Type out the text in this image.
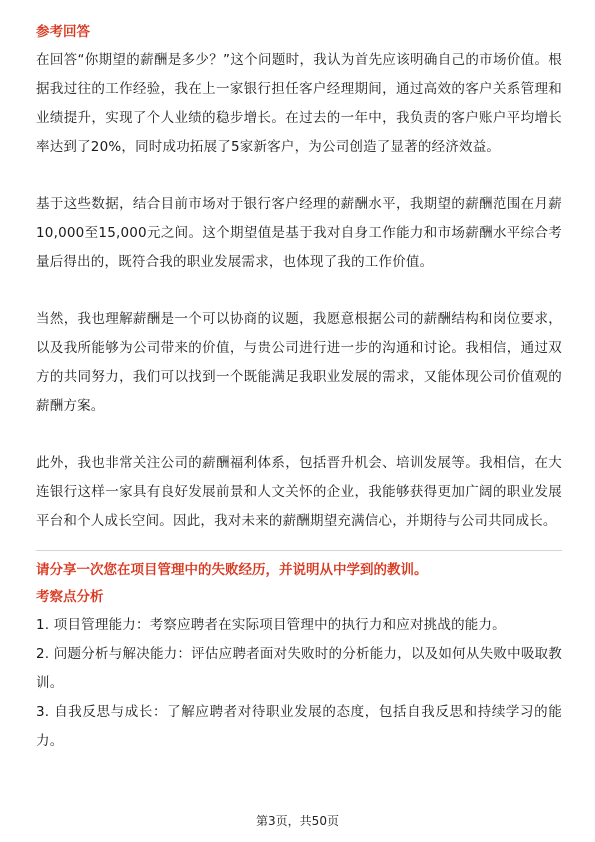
参考回答

在回答“你期望的薪酬是多少？”这个问题时，我认为首先应该明确自己的市场价值。根据我过往的工作经验，我在上一家银行担任客户经理期间，通过高效的客户关系管理和业绩提升，实现了个人业绩的稳步增长。在过去的一年中，我负责的客户账户平均增长率达到了20%，同时成功拓展了5家新客户，为公司创造了显著的经济效益。

基于这些数据，结合目前市场对于银行客户经理的薪酬水平，我期望的薪酬范围在月薪10,000至15,000元之间。这个期望值是基于我对自身工作能力和市场薪酬水平综合考量后得出的，既符合我的职业发展需求，也体现了我的工作价值。

当然，我也理解薪酬是一个可以协商的议题，我愿意根据公司的薪酬结构和岗位要求，以及我所能够为公司带来的价值，与贵公司进行进一步的沟通和讨论。我相信，通过双方的共同努力，我们可以找到一个既能满足我职业发展的需求，又能体现公司价值观的薪酬方案。

此外，我也非常关注公司的薪酬福利体系，包括晋升机会、培训发展等。我相信，在大连银行这样一家具有良好发展前景和人文关怀的企业，我能够获得更加广阔的职业发展平台和个人成长空间。因此，我对未来的薪酬期望充满信心，并期待与公司共同成长。

请分享一次您在项目管理中的失败经历，并说明从中学到的教训。
考察点分析

1. 项目管理能力：考察应聘者在实际项目管理中的执行力和应对挑战的能力。

2. 问题分析与解决能力：评估应聘者面对失败时的分析能力，以及如何从失败中吸取教训。

3. 自我反思与成长：了解应聘者对待职业发展的态度，包括自我反思和持续学习的能力。

第3页，共50页
